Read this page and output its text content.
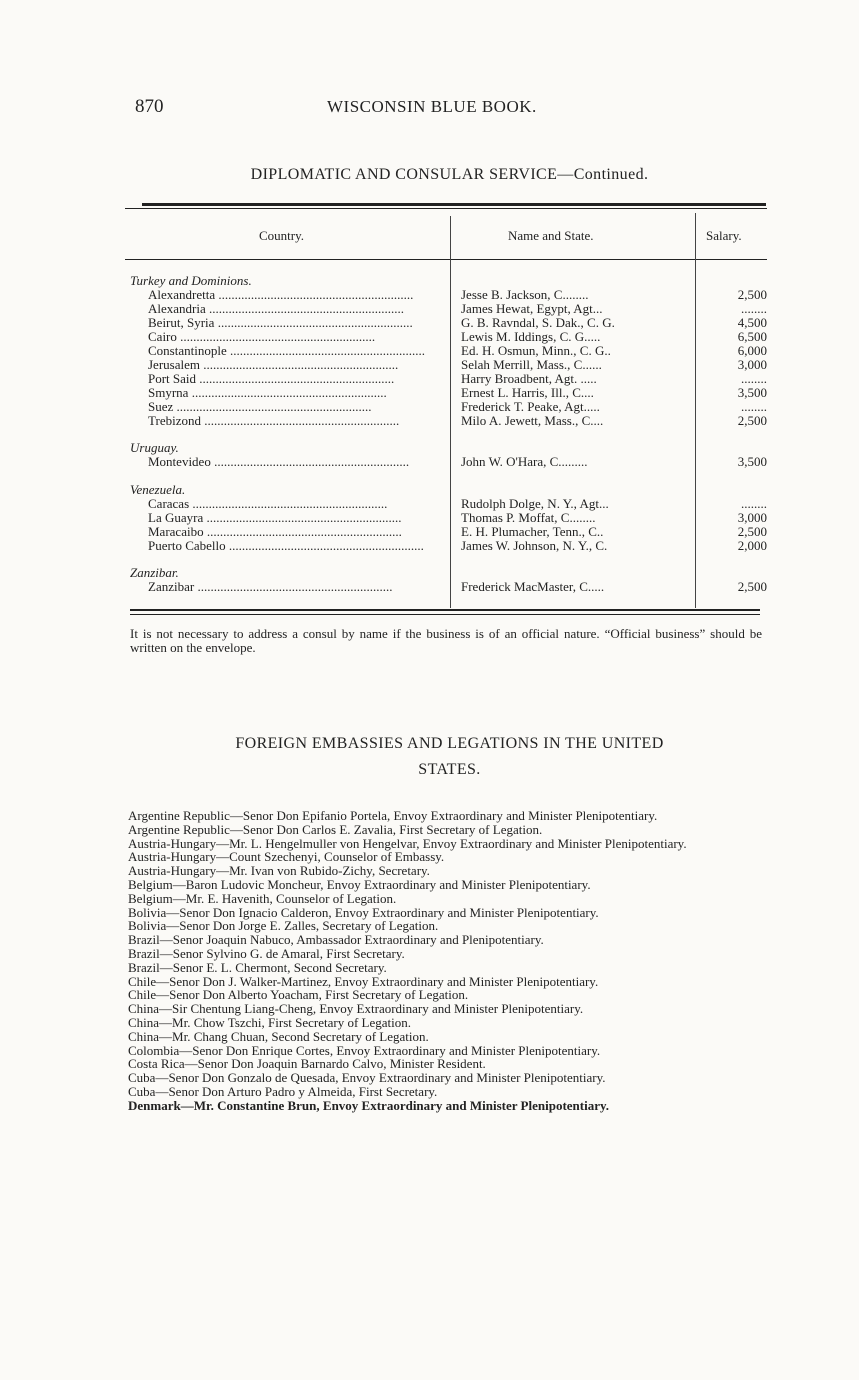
870	WISCONSIN BLUE BOOK.
DIPLOMATIC AND CONSULAR SERVICE—Continued.
Country.	Name and State.	Salary.
Turkey and Dominions.
Alexandretta ............................................................	Jesse B. Jackson, C........	2,500
Alexandria ............................................................	James Hewat, Egypt, Agt...	........
Beirut, Syria ............................................................	G. B. Ravndal, S. Dak., C. G.	4,500
Cairo ............................................................	Lewis M. Iddings, C. G.....	6,500
Constantinople ............................................................	Ed. H. Osmun, Minn., C. G..	6,000
Jerusalem ............................................................	Selah Merrill, Mass., C......	3,000
Port Said ............................................................	Harry Broadbent, Agt. .....	........
Smyrna ............................................................	Ernest L. Harris, Ill., C....	3,500
Suez ............................................................	Frederick T. Peake, Agt.....	........
Trebizond ............................................................	Milo A. Jewett, Mass., C....	2,500
Uruguay.
Montevideo ............................................................	John W. O'Hara, C.........	3,500
Venezuela.
Caracas ............................................................	Rudolph Dolge, N. Y., Agt...	........
La Guayra ............................................................	Thomas P. Moffat, C........	3,000
Maracaibo ............................................................	E. H. Plumacher, Tenn., C..	2,500
Puerto Cabello ............................................................	James W. Johnson, N. Y., C.	2,000
Zanzibar.
Zanzibar ............................................................	Frederick MacMaster, C.....	2,500
It is not necessary to address a consul by name if the business is of an official nature. “Official business” should be written on the envelope.
FOREIGN EMBASSIES AND LEGATIONS IN THE UNITED
STATES.

Argentine Republic—Senor Don Epifanio Portela, Envoy Extraordinary and Minister Plenipotentiary.

Argentine Republic—Senor Don Carlos E. Zavalia, First Secretary of Legation.

Austria-Hungary—Mr. L. Hengelmuller von Hengelvar, Envoy Extraordinary and Minister Plenipotentiary.

Austria-Hungary—Count Szechenyi, Counselor of Embassy.

Austria-Hungary—Mr. Ivan von Rubido-Zichy, Secretary.

Belgium—Baron Ludovic Moncheur, Envoy Extraordinary and Minister Plenipotentiary.

Belgium—Mr. E. Havenith, Counselor of Legation.

Bolivia—Senor Don Ignacio Calderon, Envoy Extraordinary and Minister Plenipotentiary.

Bolivia—Senor Don Jorge E. Zalles, Secretary of Legation.

Brazil—Senor Joaquin Nabuco, Ambassador Extraordinary and Plenipotentiary.

Brazil—Senor Sylvino G. de Amaral, First Secretary.

Brazil—Senor E. L. Chermont, Second Secretary.

Chile—Senor Don J. Walker-Martinez, Envoy Extraordinary and Minister Plenipotentiary.

Chile—Senor Don Alberto Yoacham, First Secretary of Legation.

China—Sir Chentung Liang-Cheng, Envoy Extraordinary and Minister Plenipotentiary.

China—Mr. Chow Tszchi, First Secretary of Legation.

China—Mr. Chang Chuan, Second Secretary of Legation.

Colombia—Senor Don Enrique Cortes, Envoy Extraordinary and Minister Plenipotentiary.

Costa Rica—Senor Don Joaquin Barnardo Calvo, Minister Resident.

Cuba—Senor Don Gonzalo de Quesada, Envoy Extraordinary and Minister Plenipotentiary.

Cuba—Senor Don Arturo Padro y Almeida, First Secretary.

Denmark—Mr. Constantine Brun, Envoy Extraordinary and Minister Plenipotentiary.
